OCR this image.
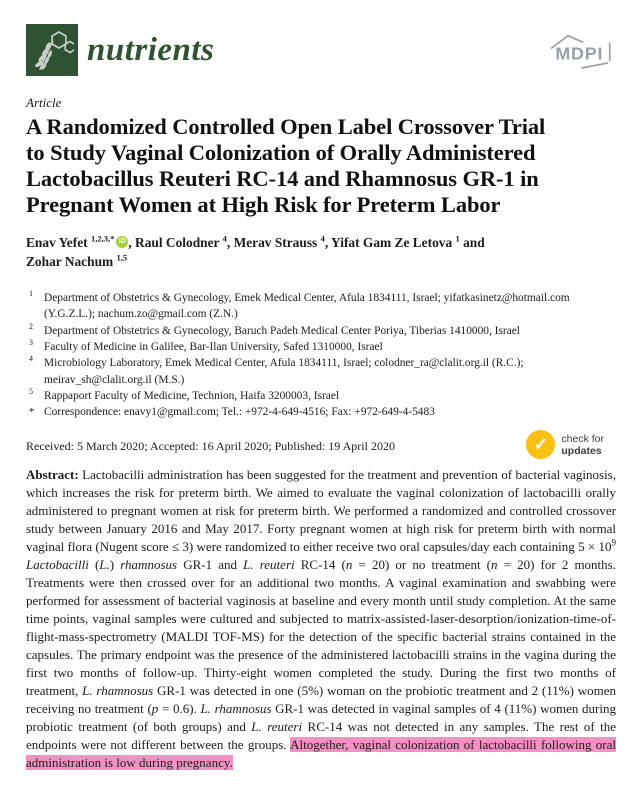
nutrients	MDPI
Article
A Randomized Controlled Open Label Crossover Trial
to Study Vaginal Colonization of Orally Administered
Lactobacillus Reuteri RC-14 and Rhamnosus GR-1 in
Pregnant Women at High Risk for Preterm Labor
Enav Yefet $^{1,2,3,*}$ iD , Raul Colodner $^4$, Merav Strauss $^4$, Yifat Gam Ze Letova $^1$ and
Zohar Nachum $^{1,5}$
$^1$ Department of Obstetrics & Gynecology, Emek Medical Center, Afula 1834111, Israel; yifatkasinetz@hotmail.com (Y.G.Z.L.); nachum.zo@gmail.com (Z.N.)
$^2$ Department of Obstetrics & Gynecology, Baruch Padeh Medical Center Poriya, Tiberias 1410000, Israel
$^3$ Faculty of Medicine in Galilee, Bar-Ilan University, Safed 1310000, Israel
$^4$ Microbiology Laboratory, Emek Medical Center, Afula 1834111, Israel; colodner_ra@clalit.org.il (R.C.); meirav_sh@clalit.org.il (M.S.)
$^5$ Rappaport Faculty of Medicine, Technion, Haifa 3200003, Israel
* Correspondence: enavy1@gmail.com; Tel.: +972-4-649-4516; Fax: +972-649-4-5483
Received: 5 March 2020; Accepted: 16 April 2020; Published: 19 April 2020	✓	check for
updates

Abstract: Lactobacilli administration has been suggested for the treatment and prevention of bacterial vaginosis, which increases the risk for preterm birth. We aimed to evaluate the vaginal colonization of lactobacilli orally administered to pregnant women at risk for preterm birth. We performed a randomized and controlled crossover study between January 2016 and May 2017. Forty pregnant women at high risk for preterm birth with normal vaginal flora (Nugent score ≤ 3) were randomized to either receive two oral capsules/day each containing $5 \times 10^9$ Lactobacilli (L.) rhamnosus GR-1 and L. reuteri RC-14 (n = 20) or no treatment (n = 20) for 2 months. Treatments were then crossed over for an additional two months. A vaginal examination and swabbing were performed for assessment of bacterial vaginosis at baseline and every month until study completion. At the same time points, vaginal samples were cultured and subjected to matrix-assisted-laser-desorption/ionization-time-of-flight-mass-spectrometry (MALDI TOF-MS) for the detection of the specific bacterial strains contained in the capsules. The primary endpoint was the presence of the administered lactobacilli strains in the vagina during the first two months of follow-up. Thirty-eight women completed the study. During the first two months of treatment, L. rhamnosus GR-1 was detected in one (5%) woman on the probiotic treatment and 2 (11%) women receiving no treatment (p = 0.6). L. rhamnosus GR-1 was detected in vaginal samples of 4 (11%) women during probiotic treatment (of both groups) and L. reuteri RC-14 was not detected in any samples. The rest of the endpoints were not different between the groups. Altogether, vaginal colonization of lactobacilli following oral administration is low during pregnancy.
